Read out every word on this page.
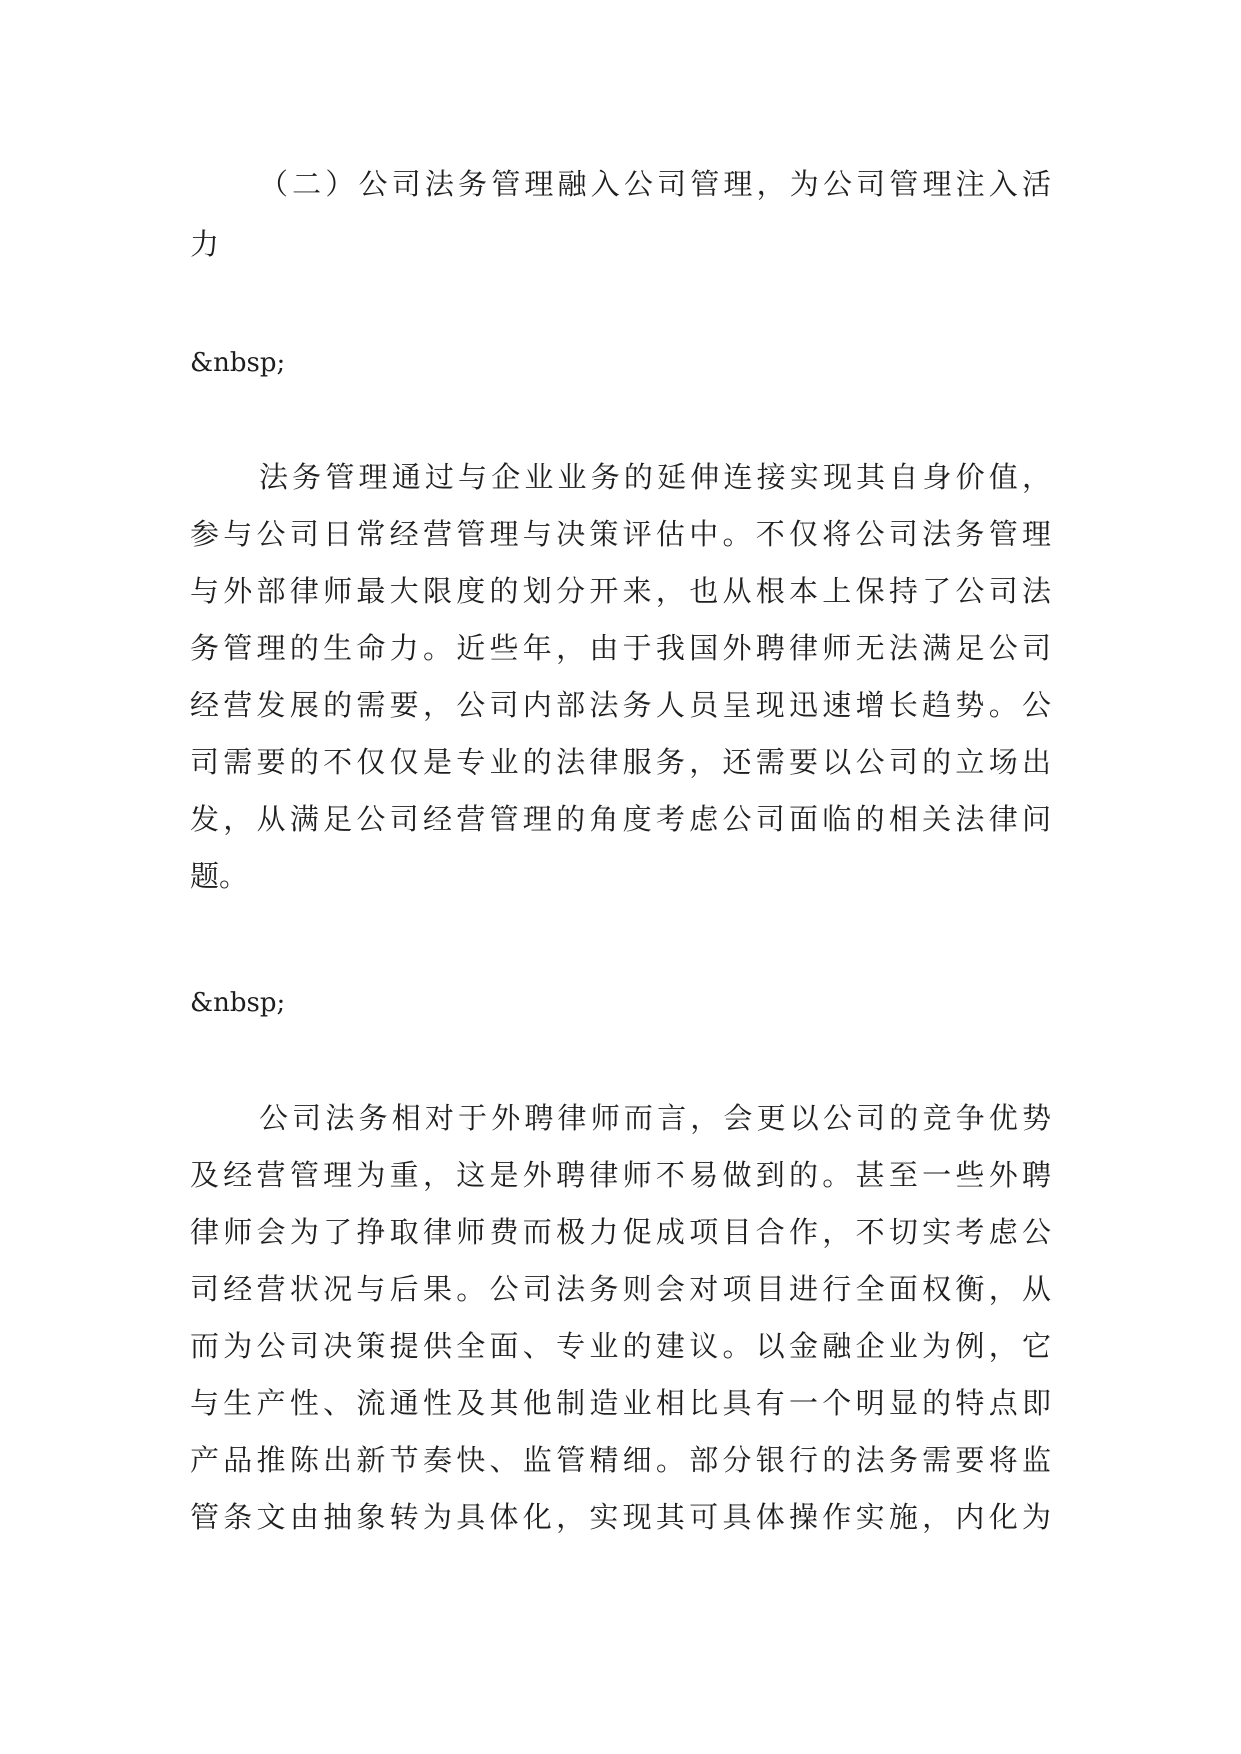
（二）公司法务管理融入公司管理，为公司管理注入活
力
&nbsp;
法务管理通过与企业业务的延伸连接实现其自身价值，
参与公司日常经营管理与决策评估中。不仅将公司法务管理
与外部律师最大限度的划分开来，也从根本上保持了公司法
务管理的生命力。近些年，由于我国外聘律师无法满足公司
经营发展的需要，公司内部法务人员呈现迅速增长趋势。公
司需要的不仅仅是专业的法律服务，还需要以公司的立场出
发，从满足公司经营管理的角度考虑公司面临的相关法律问
题。
&nbsp;
公司法务相对于外聘律师而言，会更以公司的竞争优势
及经营管理为重，这是外聘律师不易做到的。甚至一些外聘
律师会为了挣取律师费而极力促成项目合作，不切实考虑公
司经营状况与后果。公司法务则会对项目进行全面权衡，从
而为公司决策提供全面、专业的建议。以金融企业为例，它
与生产性、流通性及其他制造业相比具有一个明显的特点即
产品推陈出新节奏快、监管精细。部分银行的法务需要将监
管条文由抽象转为具体化，实现其可具体操作实施，内化为
